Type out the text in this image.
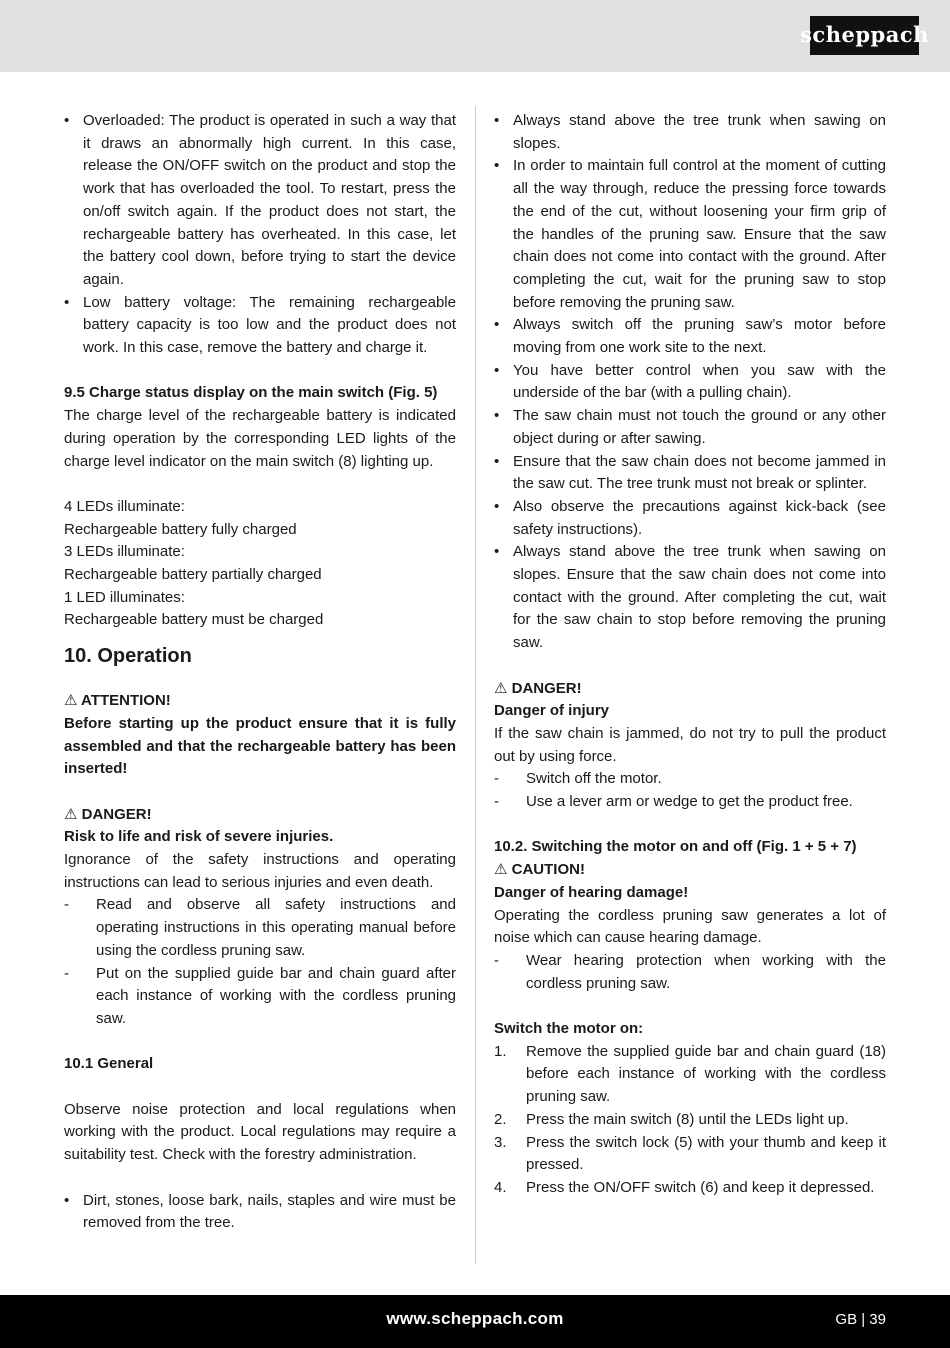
scheppach
• Overloaded: The product is operated in such a way that it draws an abnormally high current. In this case, release the ON/OFF switch on the product and stop the work that has overloaded the tool. To restart, press the on/off switch again. If the product does not start, the rechargeable battery has overheated. In this case, let the battery cool down, before trying to start the device again.
• Low battery voltage: The remaining rechargeable battery capacity is too low and the product does not work. In this case, remove the battery and charge it.

9.5 Charge status display on the main switch (Fig. 5)

The charge level of the rechargeable battery is indicated during operation by the corresponding LED lights of the charge level indicator on the main switch (8) lighting up.

4 LEDs illuminate:

Rechargeable battery fully charged

3 LEDs illuminate:

Rechargeable battery partially charged

1 LED illuminates:

Rechargeable battery must be charged

10. Operation

⚠ ATTENTION!

Before starting up the product ensure that it is fully assembled and that the rechargeable battery has been inserted!

⚠ DANGER!

Risk to life and risk of severe injuries.

Ignorance of the safety instructions and operating instructions can lead to serious injuries and even death.

- Read and observe all safety instructions and operating instructions in this operating manual before using the cordless pruning saw.
- Put on the supplied guide bar and chain guard after each instance of working with the cordless pruning saw.

10.1 General

Observe noise protection and local regulations when working with the product. Local regulations may require a suitability test. Check with the forestry administration.

• Dirt, stones, loose bark, nails, staples and wire must be removed from the tree.
• Always stand above the tree trunk when sawing on slopes.
• In order to maintain full control at the moment of cutting all the way through, reduce the pressing force towards the end of the cut, without loosening your firm grip of the handles of the pruning saw. Ensure that the saw chain does not come into contact with the ground. After completing the cut, wait for the pruning saw to stop before removing the pruning saw.
• Always switch off the pruning saw’s motor before moving from one work site to the next.
• You have better control when you saw with the underside of the bar (with a pulling chain).
• The saw chain must not touch the ground or any other object during or after sawing.
• Ensure that the saw chain does not become jammed in the saw cut. The tree trunk must not break or splinter.
• Also observe the precautions against kick-back (see safety instructions).
• Always stand above the tree trunk when sawing on slopes. Ensure that the saw chain does not come into contact with the ground. After completing the cut, wait for the saw chain to stop before removing the pruning saw.

⚠ DANGER!

Danger of injury

If the saw chain is jammed, do not try to pull the product out by using force.

- Switch off the motor.
- Use a lever arm or wedge to get the product free.

10.2. Switching the motor on and off (Fig. 1 + 5 + 7)

⚠ CAUTION!

Danger of hearing damage!

Operating the cordless pruning saw generates a lot of noise which can cause hearing damage.

- Wear hearing protection when working with the cordless pruning saw.

Switch the motor on:

1. Remove the supplied guide bar and chain guard (18) before each instance of working with the cordless pruning saw.
2. Press the main switch (8) until the LEDs light up.
3. Press the switch lock (5) with your thumb and keep it pressed.
4. Press the ON/OFF switch (6) and keep it depressed.
www.scheppach.com	GB | 39
